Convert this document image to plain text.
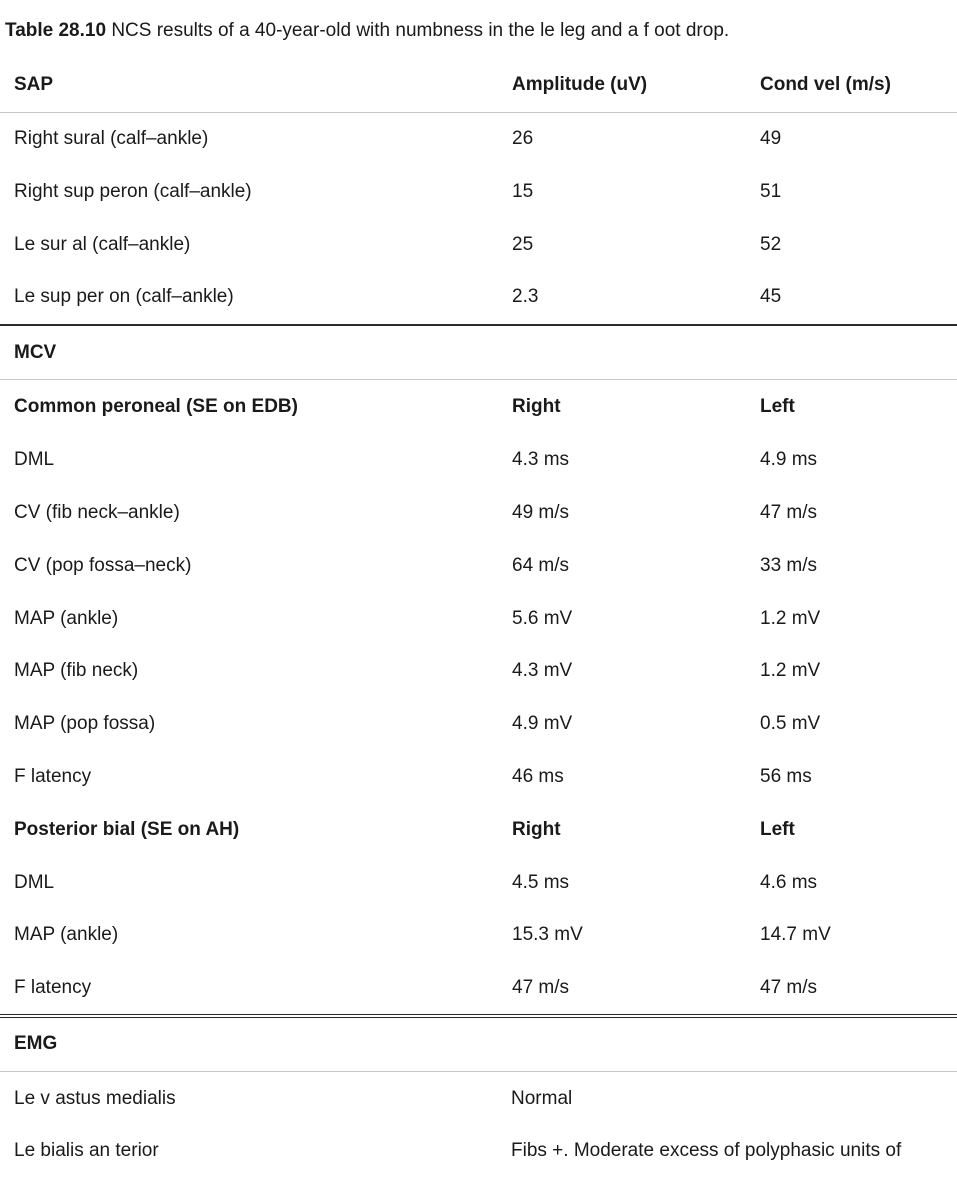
Table 28.10 NCS results of a 40-year-old with numbness in the le leg and a f oot drop.
SAP	Amplitude (uV)	Cond vel (m/s)
Right sural (calf–ankle)	26	49
Right sup peron (calf–ankle)	15	51
Le sur al (calf–ankle)	25	52
Le sup per on (calf–ankle)	2.3	45
MCV
Common peroneal (SE on EDB)	Right	Left
DML	4.3 ms	4.9 ms
CV (fib neck–ankle)	49 m/s	47 m/s
CV (pop fossa–neck)	64 m/s	33 m/s
MAP (ankle)	5.6 mV	1.2 mV
MAP (fib neck)	4.3 mV	1.2 mV
MAP (pop fossa)	4.9 mV	0.5 mV
F latency	46 ms	56 ms
Posterior bial (SE on AH)	Right	Left
DML	4.5 ms	4.6 ms
MAP (ankle)	15.3 mV	14.7 mV
F latency	47 m/s	47 m/s
EMG
Le v astus medialis	Normal
Le bialis an terior	Fibs +. Moderate excess of polyphasic units of
